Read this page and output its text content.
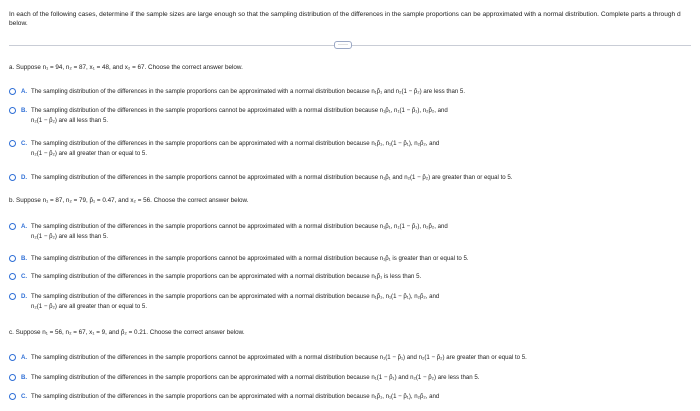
In each of the following cases, determine if the sample sizes are large enough so that the sampling distribution of the differences in the sample proportions can be approximated with a normal distribution. Complete parts a through d below.
·····
a. Suppose n₁ = 94, n₂ = 87, x₁ = 48, and x₂ = 67. Choose the correct answer below.
A. The sampling distribution of the differences in the sample proportions can be approximated with a normal distribution because n₁p̂₁ and n₂(1 − p̂₂) are less than 5.
B. The sampling distribution of the differences in the sample proportions cannot be approximated with a normal distribution because n₁p̂₁, n₁(1 − p̂₁), n₂p̂₂, and
n₂(1 − p̂₂) are all less than 5.
C. The sampling distribution of the differences in the sample proportions can be approximated with a normal distribution because n₁p̂₁, n₁(1 − p̂₁), n₂p̂₂, and
n₂(1 − p̂₂) are all greater than or equal to 5.
D. The sampling distribution of the differences in the sample proportions cannot be approximated with a normal distribution because n₁p̂₁ and n₂(1 − p̂₂) are greater than or equal to 5.
b. Suppose n₁ = 87, n₂ = 79, p̂₁ = 0.47, and x₂ = 56. Choose the correct answer below.
A. The sampling distribution of the differences in the sample proportions cannot be approximated with a normal distribution because n₁p̂₁, n₁(1 − p̂₁), n₂p̂₂, and
n₂(1 − p̂₂) are all less than 5.
B. The sampling distribution of the differences in the sample proportions cannot be approximated with a normal distribution because n₁p̂₁ is greater than or equal to 5.
C. The sampling distribution of the differences in the sample proportions can be approximated with a normal distribution because n₁p̂₁ is less than 5.
D. The sampling distribution of the differences in the sample proportions can be approximated with a normal distribution because n₁p̂₁, n₁(1 − p̂₁), n₂p̂₂, and
n₂(1 − p̂₂) are all greater than or equal to 5.
c. Suppose n₁ = 56, n₂ = 67, x₁ = 9, and p̂₂ = 0.21. Choose the correct answer below.
A. The sampling distribution of the differences in the sample proportions cannot be approximated with a normal distribution because n₁(1 − p̂₁) and n₂(1 − p̂₂) are greater than or equal to 5.
B. The sampling distribution of the differences in the sample proportions can be approximated with a normal distribution because n₁(1 − p̂₁) and n₂(1 − p̂₂) are less than 5.
C. The sampling distribution of the differences in the sample proportions can be approximated with a normal distribution because n₁p̂₁, n₁(1 − p̂₁), n₂p̂₂, and
